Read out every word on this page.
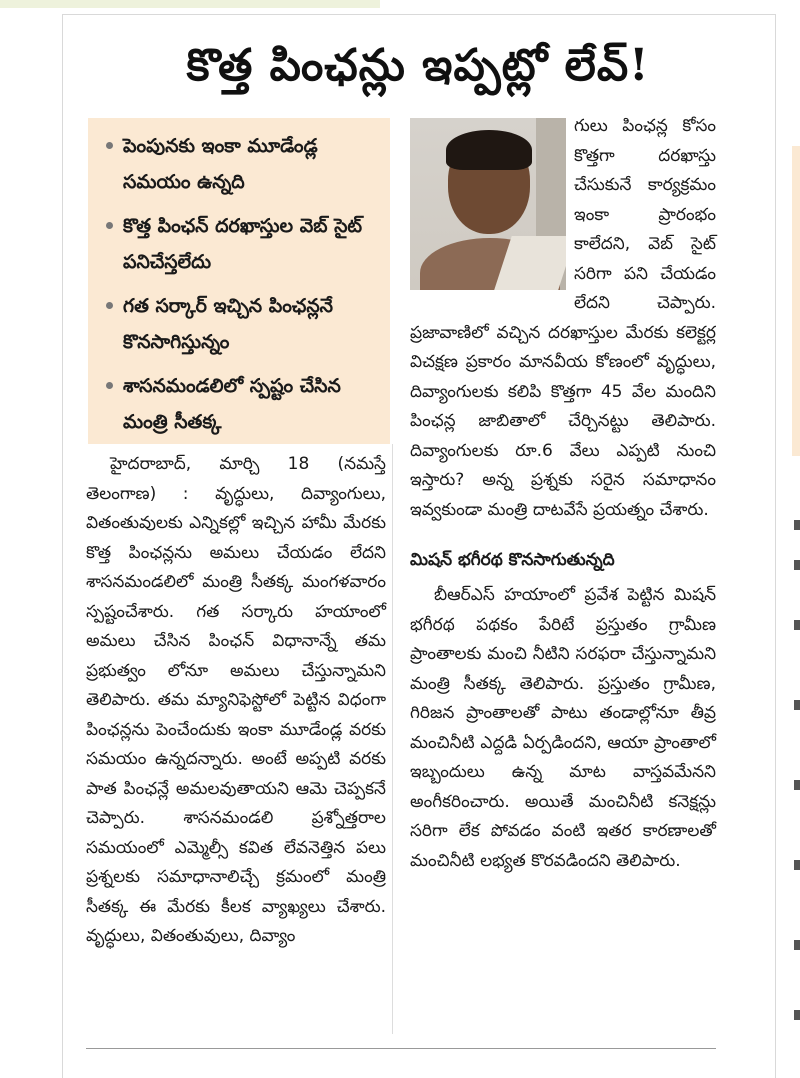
కొత్త పింఛన్లు ఇప్పట్లో లేవ్!
పెంపునకు ఇంకా మూడేండ్ల సమయం ఉన్నది
కొత్త పింఛన్ దరఖాస్తుల వెబ్ సైట్ పనిచేస్తలేదు
గత సర్కార్ ఇచ్చిన పింఛన్లనే కొనసాగిస్తున్నం
శాసనమండలిలో స్పష్టం చేసిన మంత్రి సీతక్క

హైదరాబాద్, మార్చి 18 (నమస్తే తెలంగాణ) : వృద్ధులు, దివ్యాంగులు, వితంతువులకు ఎన్నికల్లో ఇచ్చిన హామీ మేరకు కొత్త పింఛన్లను అమలు చేయడం లేదని శాసనమండలిలో మంత్రి సీతక్క మంగళవారం స్పష్టంచేశారు. గత సర్కారు హయాంలో అమలు చేసిన పింఛన్ విధానాన్నే తమ ప్రభుత్వం లోనూ అమలు చేస్తున్నామని తెలిపారు. తమ మ్యానిఫెస్టోలో పెట్టిన విధంగా పింఛన్లను పెంచేందుకు ఇంకా మూడేండ్ల వరకు సమయం ఉన్నదన్నారు. అంటే అప్పటి వరకు పాత పింఛన్లే అమలవుతాయని ఆమె చెప్పకనే చెప్పారు. శాసనమండలి ప్రశ్నోత్తరాల సమయంలో ఎమ్మెల్సీ కవిత లేవనెత్తిన పలు ప్రశ్నలకు సమాధానాలిచ్చే క్రమంలో మంత్రి సీతక్క ఈ మేరకు కీలక వ్యాఖ్యలు చేశారు. వృద్ధులు, వితంతువులు, దివ్యాం

గులు పింఛన్ల కోసం కొత్తగా దరఖాస్తు చేసుకునే కార్యక్రమం ఇంకా ప్రారంభం కాలేదని, వెబ్ సైట్ సరిగా పని చేయడం లేదని చెప్పారు. ప్రజావాణిలో వచ్చిన దరఖాస్తుల మేరకు కలెక్టర్ల విచక్షణ ప్రకారం మానవీయ కోణంలో వృద్ధులు, దివ్యాంగులకు కలిపి కొత్తగా 45 వేల మందిని పింఛన్ల జాబితాలో చేర్చినట్టు తెలిపారు. దివ్యాంగులకు రూ.6 వేలు ఎప్పటి నుంచి ఇస్తారు? అన్న ప్రశ్నకు సరైన సమాధానం ఇవ్వకుండా మంత్రి దాటవేసే ప్రయత్నం చేశారు.

మిషన్ భగీరథ కొనసాగుతున్నది

బీఆర్ఎస్ హయాంలో ప్రవేశ పెట్టిన మిషన్ భగీరథ పథకం పేరిటే ప్రస్తుతం గ్రామీణ ప్రాంతాలకు మంచి నీటిని సరఫరా చేస్తున్నామని మంత్రి సీతక్క తెలిపారు. ప్రస్తుతం గ్రామీణ, గిరిజన ప్రాంతాలతో పాటు తండాల్లోనూ తీవ్ర మంచినీటి ఎద్దడి ఏర్పడిందని, ఆయా ప్రాంతాలో ఇబ్బందులు ఉన్న మాట వాస్తవమేనని అంగీకరించారు. అయితే మంచినీటి కనెక్షన్లు సరిగా లేక పోవడం వంటి ఇతర కారణాలతో మంచినీటి లభ్యత కొరవడిందని తెలిపారు.
